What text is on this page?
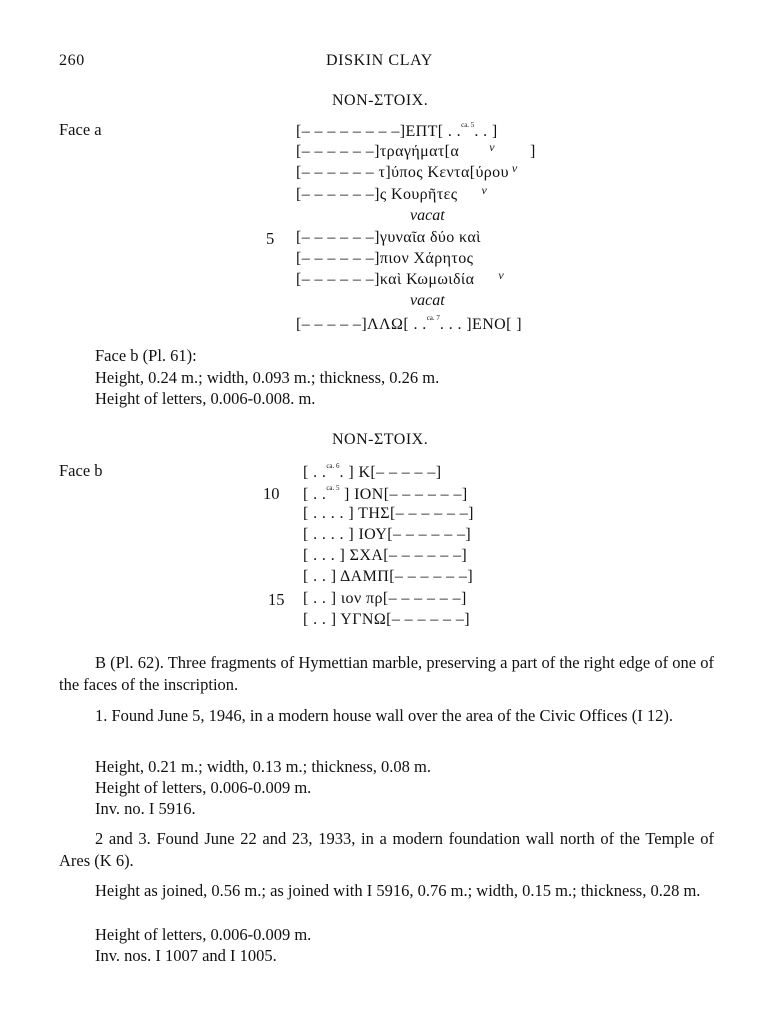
260	DISKIN CLAY
NON-ΣTOIX.
Face a	[– – – – – – – –]ΕΠΤ[ . .$^{ca. 5}$. . ]
[– – – – – –]τραγήματ[α	$^v$ ]
[– – – – – – τ]ύπος Κεντα[ύρου $^v$
[– – – – – –]ς Κουρῆτες $^v$
vacat
5 [– – – – – –]γυναῖα δύο καὶ
[– – – – – –]πιον Χάρητος
[– – – – – –]καὶ Κωμωιδία $^v$
vacat
[– – – – –]ΛΛΩ[ . .$^{ca. 7}$. . . ]ΕΝΟ[ ]
Face b (Pl. 61):
Height, 0.24 m.; width, 0.093 m.; thickness, 0.26 m.
Height of letters, 0.006-0.008. m.
NON-ΣTOIX.
Face b	[ . .$^{ca. 6}$. ] Κ[– – – – –]
10 [ . .$^{ca. 5}$ ] ΙΟΝ[– – – – – –]
[ . . . . ] ΤΗΣ[– – – – – –]
[ . . . . ] ΙΟΥ[– – – – – –]
[ . . . ] ΣΧΑ[– – – – – –]
[ . . ] ΔΑΜΠ[– – – – – –]
15 [ . . ] ιον πρ[– – – – – –]
[ . . ] ΥΓΝΩ[– – – – – –]
B (Pl. 62). Three fragments of Hymettian marble, preserving a part of the right edge of one of the faces of the inscription.
1. Found June 5, 1946, in a modern house wall over the area of the Civic Offices (I 12).
Height, 0.21 m.; width, 0.13 m.; thickness, 0.08 m.
Height of letters, 0.006-0.009 m.
Inv. no. I 5916.
2 and 3. Found June 22 and 23, 1933, in a modern foundation wall north of the Temple of Ares (K 6).
Height as joined, 0.56 m.; as joined with I 5916, 0.76 m.; width, 0.15 m.; thickness, 0.28 m.
Height of letters, 0.006-0.009 m.
Inv. nos. I 1007 and I 1005.
